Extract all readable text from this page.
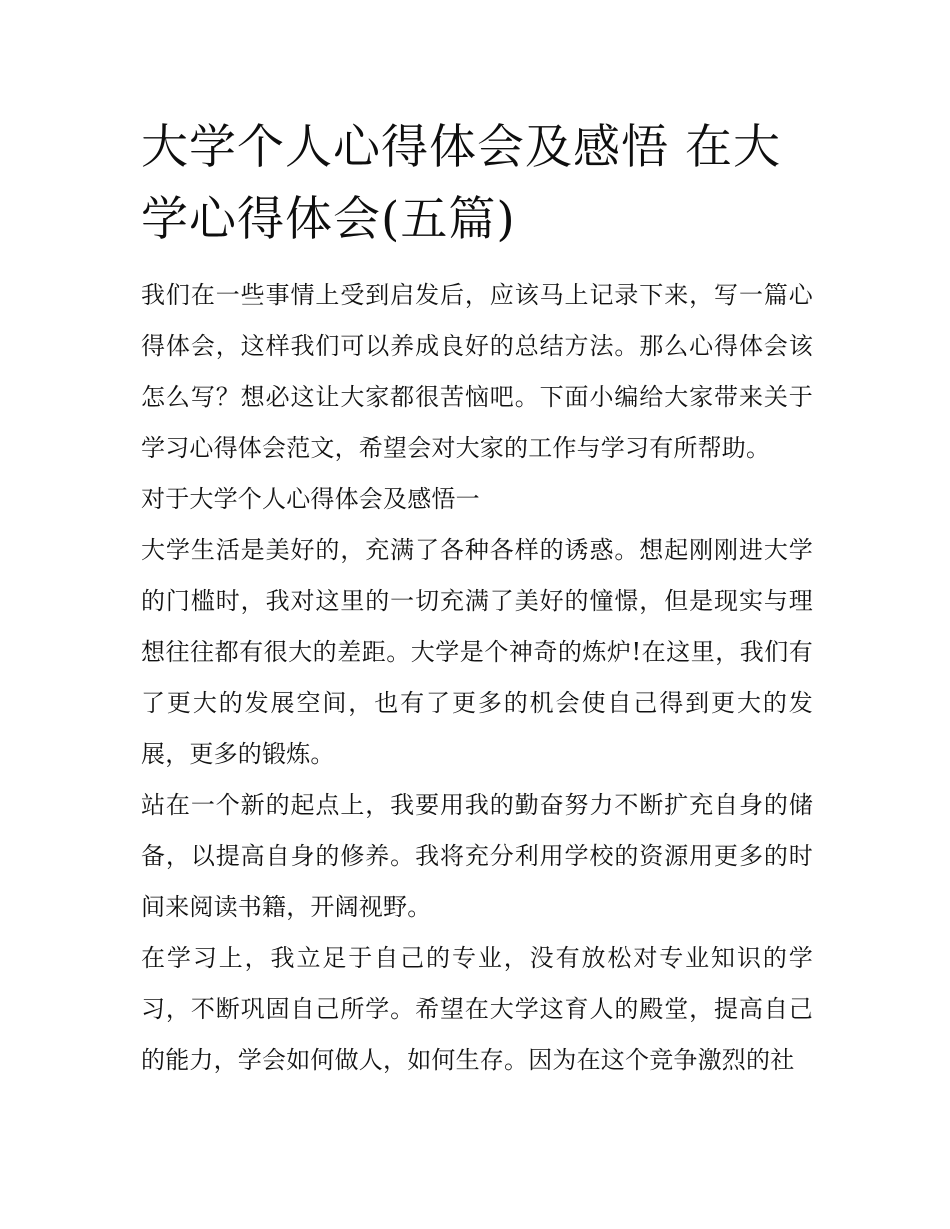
大学个人心得体会及感悟 在大学心得体会(五篇)

我们在一些事情上受到启发后，应该马上记录下来，写一篇心得体会，这样我们可以养成良好的总结方法。那么心得体会该怎么写？想必这让大家都很苦恼吧。下面小编给大家带来关于学习心得体会范文，希望会对大家的工作与学习有所帮助。

对于大学个人心得体会及感悟一

大学生活是美好的，充满了各种各样的诱惑。想起刚刚进大学的门槛时，我对这里的一切充满了美好的憧憬，但是现实与理想往往都有很大的差距。大学是个神奇的炼炉!在这里，我们有了更大的发展空间，也有了更多的机会使自己得到更大的发展，更多的锻炼。

站在一个新的起点上，我要用我的勤奋努力不断扩充自身的储备，以提高自身的修养。我将充分利用学校的资源用更多的时间来阅读书籍，开阔视野。

在学习上，我立足于自己的专业，没有放松对专业知识的学习，不断巩固自己所学。希望在大学这育人的殿堂，提高自己的能力，学会如何做人，如何生存。因为在这个竞争激烈的社
